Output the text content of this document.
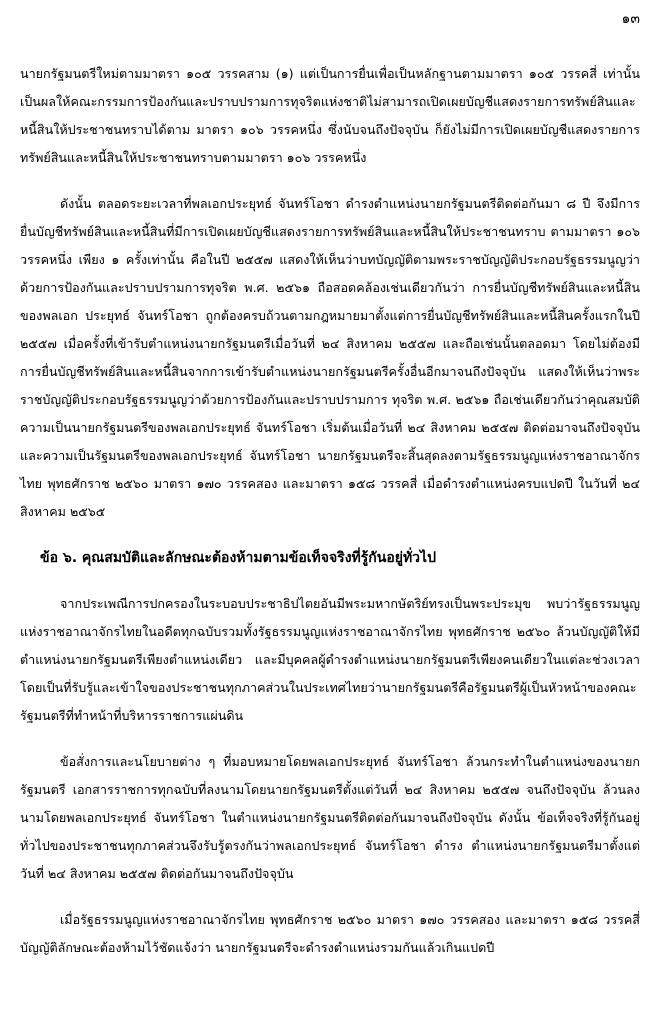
๑๓

นายกรัฐมนตรีใหม่ตามมาตรา ๑๐๕ วรรคสาม (๑) แต่เป็นการยื่นเพื่อเป็นหลักฐานตามมาตรา ๑๐๕ วรรคสี่ เท่านั้น เป็นผลให้คณะกรรมการป้องกันและปราบปรามการทุจริตแห่งชาติไม่สามารถเปิดเผยบัญชีแสดงรายการทรัพย์สินและหนี้สินให้ประชาชนทราบได้ตาม มาตรา ๑๐๖ วรรคหนึ่ง ซึ่งนับจนถึงปัจจุบัน ก็ยังไม่มีการเปิดเผยบัญชีแสดงรายการทรัพย์สินและหนี้สินให้ประชาชนทราบตามมาตรา ๑๐๖ วรรคหนึ่ง

ดังนั้น ตลอดระยะเวลาที่พลเอกประยุทธ์ จันทร์โอชา ดำรงตำแหน่งนายกรัฐมนตรีติดต่อกันมา ๘ ปี จึงมีการยื่นบัญชีทรัพย์สินและหนี้สินที่มีการเปิดเผยบัญชีแสดงรายการทรัพย์สินและหนี้สินให้ประชาชนทราบ ตามมาตรา ๑๐๖ วรรคหนึ่ง เพียง ๑ ครั้งเท่านั้น คือในปี ๒๕๕๗ แสดงให้เห็นว่าบทบัญญัติตามพระราชบัญญัติประกอบรัฐธรรมนูญว่าด้วยการป้องกันและปราบปรามการทุจริต พ.ศ. ๒๕๖๑ ถือสอดคล้องเช่นเดียวกันว่า การยื่นบัญชีทรัพย์สินและหนี้สินของพลเอก ประยุทธ์ จันทร์โอชา ถูกต้องครบถ้วนตามกฎหมายมาตั้งแต่การยื่นบัญชีทรัพย์สินและหนี้สินครั้งแรกในปี ๒๕๕๗ เมื่อครั้งที่เข้ารับตำแหน่งนายกรัฐมนตรีเมื่อวันที่ ๒๔ สิงหาคม ๒๕๕๗ และถือเช่นนั้นตลอดมา โดยไม่ต้องมีการยื่นบัญชีทรัพย์สินและหนี้สินจากการเข้ารับตำแหน่งนายกรัฐมนตรีครั้งอื่นอีกมาจนถึงปัจจุบัน แสดงให้เห็นว่าพระราชบัญญัติประกอบรัฐธรรมนูญว่าด้วยการป้องกันและปราบปรามการ ทุจริต พ.ศ. ๒๕๖๑ ถือเช่นเดียวกันว่าคุณสมบัติความเป็นนายกรัฐมนตรีของพลเอกประยุทธ์ จันทร์โอชา เริ่มต้นเมื่อวันที่ ๒๔ สิงหาคม ๒๕๕๗ ติดต่อมาจนถึงปัจจุบัน และความเป็นรัฐมนตรีของพลเอกประยุทธ์ จันทร์โอชา นายกรัฐมนตรีจะสิ้นสุดลงตามรัฐธรรมนูญแห่งราชอาณาจักรไทย พุทธศักราช ๒๕๖๐ มาตรา ๑๗๐ วรรคสอง และมาตรา ๑๕๘ วรรคสี่ เมื่อดำรงตำแหน่งครบแปดปี ในวันที่ ๒๔ สิงหาคม ๒๕๖๕

ข้อ ๖. คุณสมบัติและลักษณะต้องห้ามตามข้อเท็จจริงที่รู้กันอยู่ทั่วไป

จากประเพณีการปกครองในระบอบประชาธิปไตยอันมีพระมหากษัตริย์ทรงเป็นพระประมุข พบว่ารัฐธรรมนูญแห่งราชอาณาจักรไทยในอดีตทุกฉบับรวมทั้งรัฐธรรมนูญแห่งราชอาณาจักรไทย พุทธศักราช ๒๕๖๐ ล้วนบัญญัติให้มีตำแหน่งนายกรัฐมนตรีเพียงตำแหน่งเดียว และมีบุคคลผู้ดำรงตำแหน่งนายกรัฐมนตรีเพียงคนเดียวในแต่ละช่วงเวลา โดยเป็นที่รับรู้และเข้าใจของประชาชนทุกภาคส่วนในประเทศไทยว่านายกรัฐมนตรีคือรัฐมนตรีผู้เป็นหัวหน้าของคณะรัฐมนตรีที่ทำหน้าที่บริหารราชการแผ่นดิน

ข้อสั่งการและนโยบายต่าง ๆ ที่มอบหมายโดยพลเอกประยุทธ์ จันทร์โอชา ล้วนกระทำในตำแหน่งของนายกรัฐมนตรี เอกสารราชการทุกฉบับที่ลงนามโดยนายกรัฐมนตรีตั้งแต่วันที่ ๒๔ สิงหาคม ๒๕๕๗ จนถึงปัจจุบัน ล้วนลงนามโดยพลเอกประยุทธ์ จันทร์โอชา ในตำแหน่งนายกรัฐมนตรีติดต่อกันมาจนถึงปัจจุบัน ดังนั้น ข้อเท็จจริงที่รู้กันอยู่ทั่วไปของประชาชนทุกภาคส่วนจึงรับรู้ตรงกันว่าพลเอกประยุทธ์ จันทร์โอชา ดำรง ตำแหน่งนายกรัฐมนตรีมาตั้งแต่วันที่ ๒๔ สิงหาคม ๒๕๕๗ ติดต่อกันมาจนถึงปัจจุบัน

เมื่อรัฐธรรมนูญแห่งราชอาณาจักรไทย พุทธศักราช ๒๕๖๐ มาตรา ๑๗๐ วรรคสอง และมาตรา ๑๕๘ วรรคสี่ บัญญัติลักษณะต้องห้ามไว้ชัดแจ้งว่า นายกรัฐมนตรีจะดำรงตำแหน่งรวมกันแล้วเกินแปดปี
